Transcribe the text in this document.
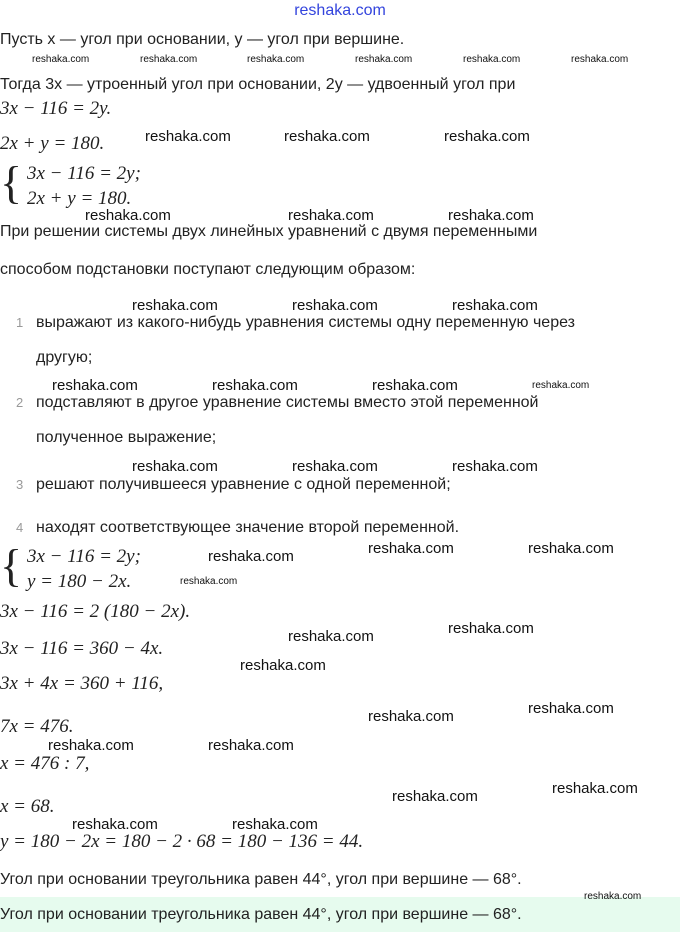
reshaka.com
Пусть x — угол при основании, y — угол при вершине.
Тогда 3x — утроенный угол при основании, 2y — удвоенный угол при
3x − 116 = 2y.
2x + y = 180.
{ 3x − 116 = 2y;
2x + y = 180.
При решении системы двух линейных уравнений с двумя переменными
способом подстановки поступают следующим образом:
1 выражают из какого-нибудь уравнения системы одну переменную через
другую;
2 подставляют в другое уравнение системы вместо этой переменной
полученное выражение;
3 решают получившееся уравнение с одной переменной;
4 находят соответствующее значение второй переменной.
{ 3x − 116 = 2y;
y = 180 − 2x.
3x − 116 = 2 (180 − 2x).
3x − 116 = 360 − 4x.
3x + 4x = 360 + 116,
7x = 476.
x = 476 : 7,
x = 68.
y = 180 − 2x = 180 − 2 · 68 = 180 − 136 = 44.
Угол при основании треугольника равен 44°, угол при вершине — 68°.
Угол при основании треугольника равен 44°, угол при вершине — 68°.
reshaka.com	reshaka.com	reshaka.com	reshaka.com	reshaka.com	reshaka.com
reshaka.com	reshaka.com	reshaka.com
reshaka.com	reshaka.com	reshaka.com
reshaka.com	reshaka.com	reshaka.com
reshaka.com	reshaka.com	reshaka.com	reshaka.com
reshaka.com	reshaka.com	reshaka.com
reshaka.com
reshaka.com	reshaka.com	reshaka.com
reshaka.com	reshaka.com
reshaka.com
reshaka.com	reshaka.com
reshaka.com	reshaka.com
reshaka.com	reshaka.com
reshaka.com	reshaka.com
reshaka.com
